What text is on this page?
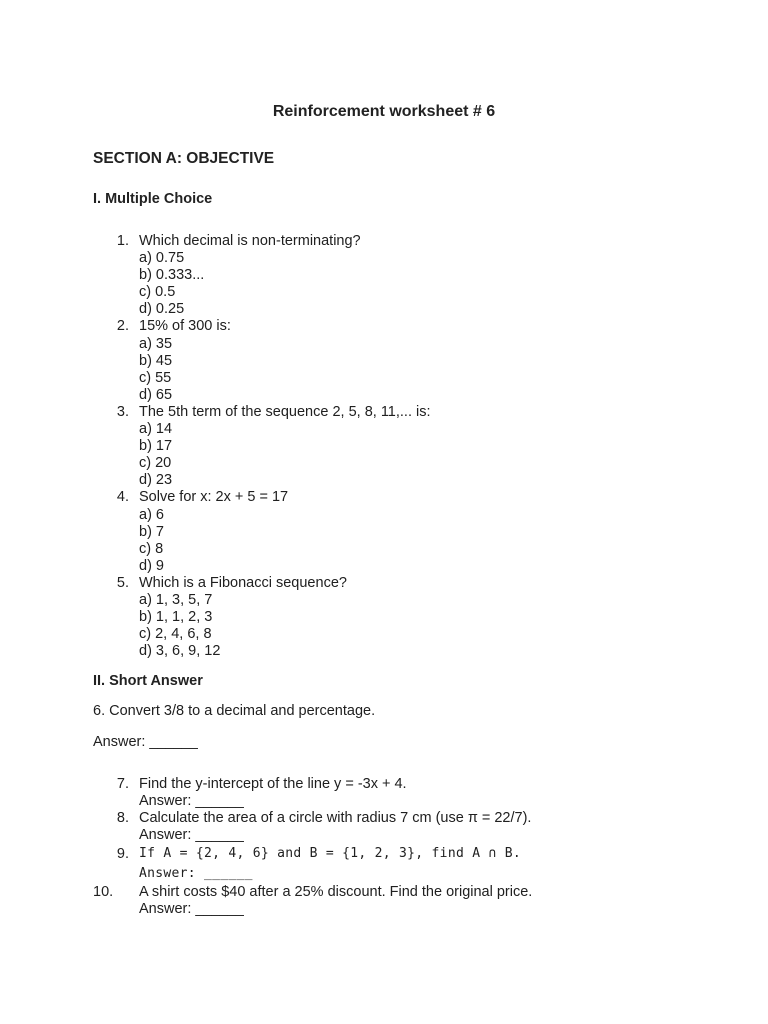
Reinforcement worksheet # 6
SECTION A: OBJECTIVE
I. Multiple Choice
1. Which decimal is non-terminating?
a) 0.75
b) 0.333...
c) 0.5
d) 0.25
2. 15% of 300 is:
a) 35
b) 45
c) 55
d) 65
3. The 5th term of the sequence 2, 5, 8, 11,... is:
a) 14
b) 17
c) 20
d) 23
4. Solve for x: 2x + 5 = 17
a) 6
b) 7
c) 8
d) 9
5. Which is a Fibonacci sequence?
a) 1, 3, 5, 7
b) 1, 1, 2, 3
c) 2, 4, 6, 8
d) 3, 6, 9, 12
II. Short Answer
6. Convert 3/8 to a decimal and percentage.
Answer: ______
7. Find the y-intercept of the line y = -3x + 4.
Answer: ______
8. Calculate the area of a circle with radius 7 cm (use π = 22/7).
Answer: ______
9. If A = {2, 4, 6} and B = {1, 2, 3}, find A ∩ B.
Answer: ______
10.	A shirt costs $40 after a 25% discount. Find the original price.
Answer: ______
